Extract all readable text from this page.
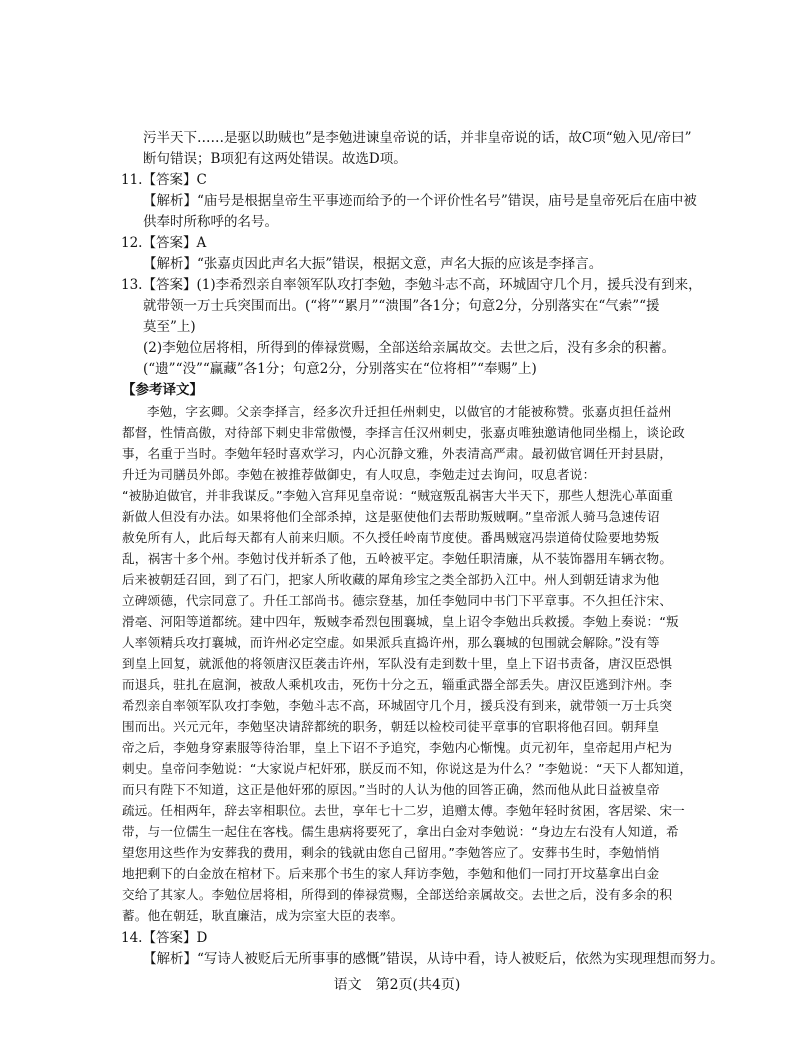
污半天下……是驱以助贼也”是李勉进谏皇帝说的话，并非皇帝说的话，故C项“勉入见/帝曰”
断句错误；B项犯有这两处错误。故选D项。
11.【答案】C
【解析】“庙号是根据皇帝生平事迹而给予的一个评价性名号”错误，庙号是皇帝死后在庙中被
供奉时所称呼的名号。
12.【答案】A
【解析】“张嘉贞因此声名大振”错误，根据文意，声名大振的应该是李择言。
13.【答案】(1)李希烈亲自率领军队攻打李勉，李勉斗志不高，环城固守几个月，援兵没有到来，
就带领一万士兵突围而出。(“将”“累月”“溃围”各1分；句意2分，分别落实在“气索”“援
莫至”上)
(2)李勉位居将相，所得到的俸禄赏赐，全部送给亲属故交。去世之后，没有多余的积蓄。
(“遗”“没”“赢藏”各1分；句意2分，分别落实在“位将相”“奉赐”上)
【参考译文】
李勉，字玄卿。父亲李择言，经多次升迁担任州刺史，以做官的才能被称赞。张嘉贞担任益州
都督，性情高傲，对待部下刺史非常傲慢，李择言任汉州刺史，张嘉贞唯独邀请他同坐榻上，谈论政
事，名重于当时。李勉年轻时喜欢学习，内心沉静文雅，外表清高严肃。最初做官调任开封县尉，
升迁为司膳员外郎。李勉在被推荐做御史，有人叹息，李勉走过去询问，叹息者说：
“被胁迫做官，并非我谋反。”李勉入宫拜见皇帝说：“贼寇叛乱祸害大半天下，那些人想洗心革面重
新做人但没有办法。如果将他们全部杀掉，这是驱使他们去帮助叛贼啊。”皇帝派人骑马急速传诏
赦免所有人，此后每天都有人前来归顺。不久授任岭南节度使。番禺贼寇冯崇道倚仗险要地势叛
乱，祸害十多个州。李勉讨伐并斩杀了他，五岭被平定。李勉任职清廉，从不装饰器用车辆衣物。
后来被朝廷召回，到了石门，把家人所收藏的犀角珍宝之类全部扔入江中。州人到朝廷请求为他
立碑颂德，代宗同意了。升任工部尚书。德宗登基，加任李勉同中书门下平章事。不久担任汴宋、
滑亳、河阳等道都统。建中四年，叛贼李希烈包围襄城，皇上诏令李勉出兵救援。李勉上奏说：“叛
人率领精兵攻打襄城，而许州必定空虚。如果派兵直捣许州，那么襄城的包围就会解除。”没有等
到皇上回复，就派他的将领唐汉臣袭击许州，军队没有走到数十里，皇上下诏书责备，唐汉臣恐惧
而退兵，驻扎在扈涧，被敌人乘机攻击，死伤十分之五，辎重武器全部丢失。唐汉臣逃到汴州。李
希烈亲自率领军队攻打李勉，李勉斗志不高，环城固守几个月，援兵没有到来，就带领一万士兵突
围而出。兴元元年，李勉坚决请辞都统的职务，朝廷以检校司徒平章事的官职将他召回。朝拜皇
帝之后，李勉身穿素服等待治罪，皇上下诏不予追究，李勉内心惭愧。贞元初年，皇帝起用卢杞为
刺史。皇帝问李勉说：“大家说卢杞奸邪，朕反而不知，你说这是为什么？”李勉说：“天下人都知道，
而只有陛下不知道，这正是他奸邪的原因。”当时的人认为他的回答正确，然而他从此日益被皇帝
疏远。任相两年，辞去宰相职位。去世，享年七十二岁，追赠太傅。李勉年轻时贫困，客居梁、宋一
带，与一位儒生一起住在客栈。儒生患病将要死了，拿出白金对李勉说：“身边左右没有人知道，希
望您用这些作为安葬我的费用，剩余的钱就由您自己留用。”李勉答应了。安葬书生时，李勉悄悄
地把剩下的白金放在棺材下。后来那个书生的家人拜访李勉，李勉和他们一同打开坟墓拿出白金
交给了其家人。李勉位居将相，所得到的俸禄赏赐，全部送给亲属故交。去世之后，没有多余的积
蓄。他在朝廷，耿直廉洁，成为宗室大臣的表率。
14.【答案】D
【解析】“写诗人被贬后无所事事的感慨”错误，从诗中看，诗人被贬后，依然为实现理想而努力。
语文　第2页(共4页)
